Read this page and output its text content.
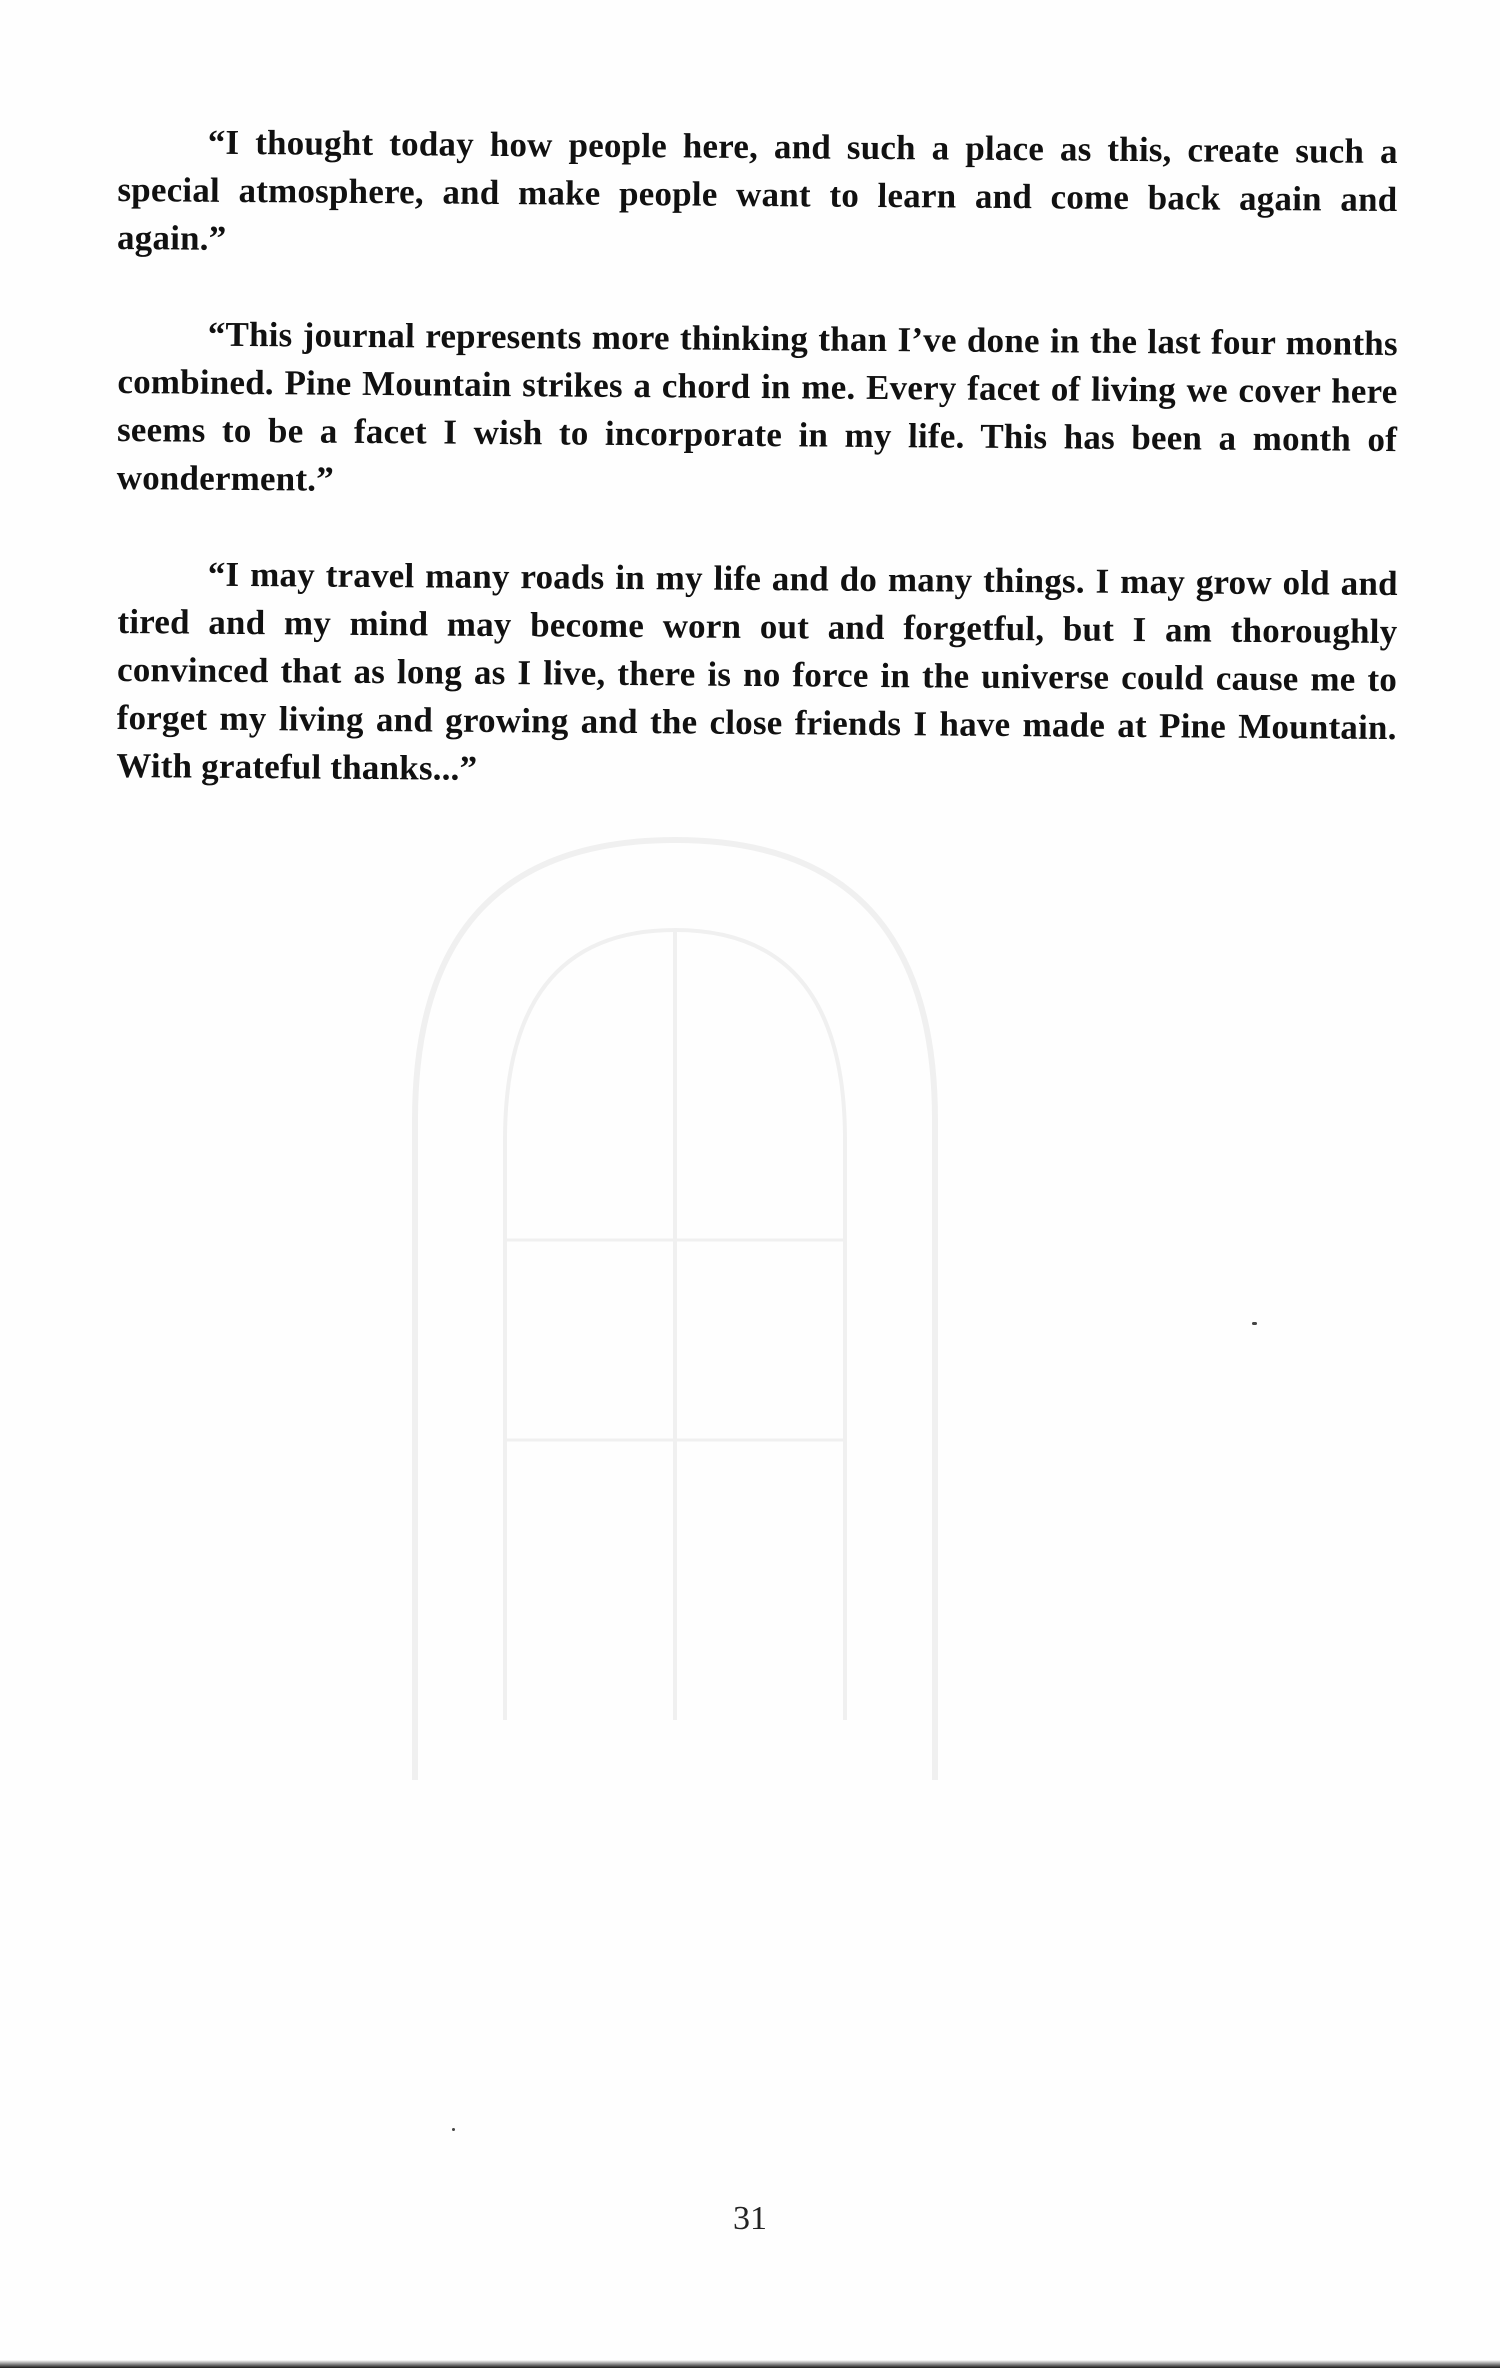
“I thought today how people here, and such a place as this, create such a special atmosphere, and make people want to learn and come back again and again.”

“This journal represents more thinking than I’ve done in the last four months combined. Pine Mountain strikes a chord in me. Every facet of living we cover here seems to be a facet I wish to incorporate in my life. This has been a month of wonderment.”

“I may travel many roads in my life and do many things. I may grow old and tired and my mind may become worn out and forgetful, but I am thoroughly convinced that as long as I live, there is no force in the universe could cause me to forget my living and growing and the close friends I have made at Pine Mountain. With grateful thanks...”

31
